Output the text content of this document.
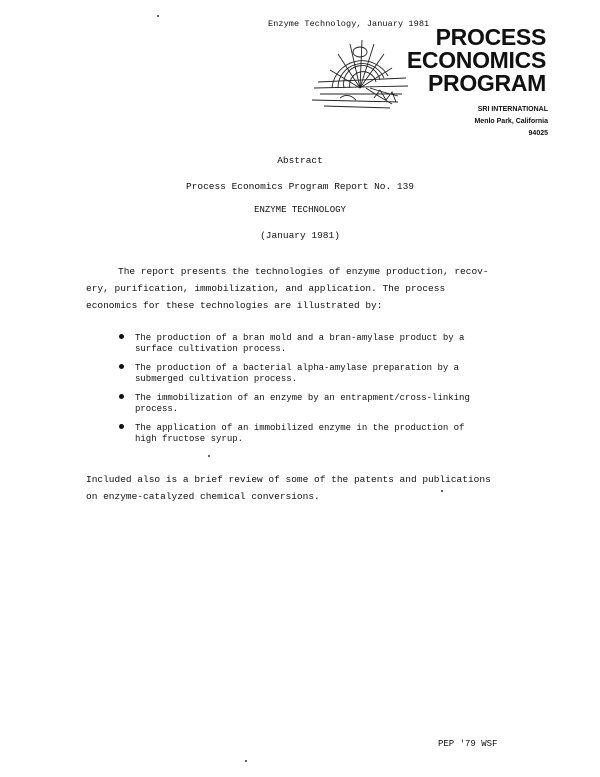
Enzyme Technology, January 1981 PROCESS
ECONOMICS
PROGRAM
SRI INTERNATIONAL
Menlo Park, California
94025
Abstract
Process Economics Program Report No. 139
ENZYME TECHNOLOGY
(January 1981)
The report presents the technologies of enzyme production, recov-
ery, purification, immobilization, and application. The process
economics for these technologies are illustrated by:
The production of a bran mold and a bran-amylase product by a
surface cultivation process.
The production of a bacterial alpha-amylase preparation by a
submerged cultivation process.
The immobilization of an enzyme by an entrapment/cross-linking
process.
The application of an immobilized enzyme in the production of
high fructose syrup.
Included also is a brief review of some of the patents and publications
on enzyme-catalyzed chemical conversions.
PEP '79 WSF
